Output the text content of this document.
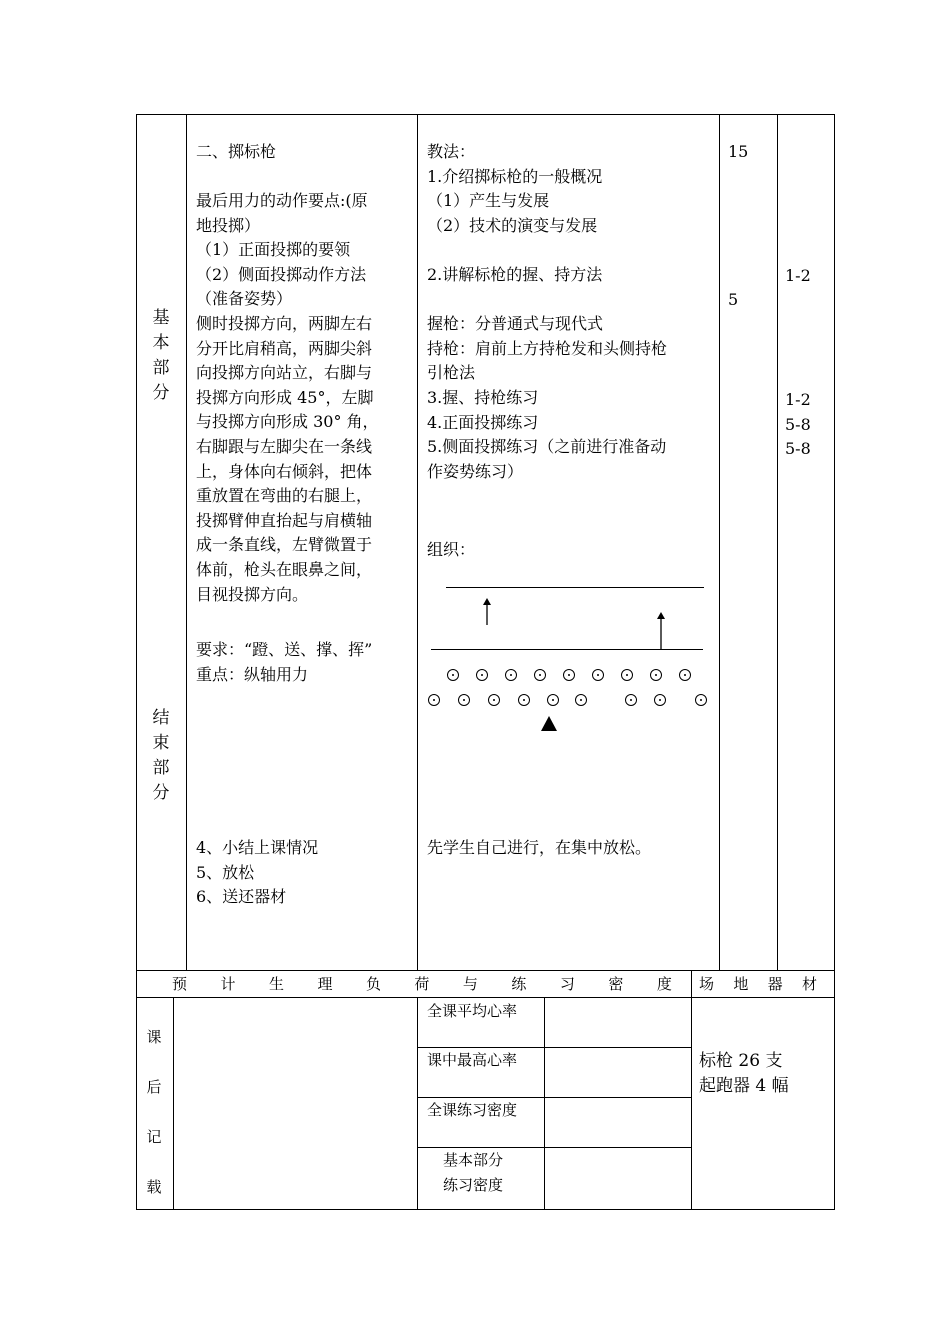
基
本
部
分
结
束
部
分
二、掷标枪
最后用力的动作要点:(原
地投掷）
（1）正面投掷的要领
（2）侧面投掷动作方法
（准备姿势）
侧时投掷方向，两脚左右
分开比肩稍高，两脚尖斜
向投掷方向站立，右脚与
投掷方向形成 45°，左脚
与投掷方向形成 30° 角，
右脚跟与左脚尖在一条线
上，身体向右倾斜，把体
重放置在弯曲的右腿上，
投掷臂伸直抬起与肩横轴
成一条直线，左臂微置于
体前，枪头在眼鼻之间，
目视投掷方向。
要求：“蹬、送、撑、挥”
重点：纵轴用力
4、小结上课情况
5、放松
6、送还器材
教法：
1.介绍掷标枪的一般概况
（1）产生与发展
（2）技术的演变与发展
2.讲解标枪的握、持方法
握枪：分普通式与现代式
持枪：肩前上方持枪发和头侧持枪
引枪法
3.握、持枪练习
4.正面投掷练习
5.侧面投掷练习（之前进行准备动
作姿势练习）
组织：
先学生自己进行，在集中放松。
15
5
1-2
1-2
5-8
5-8
预 计 生 理 负 荷 与 练 习 密 度 场 地 器 材
课
后
记
载
全课平均心率
课中最高心率
全课练习密度
基本部分
练习密度
标枪 26 支
起跑器 4 幅
